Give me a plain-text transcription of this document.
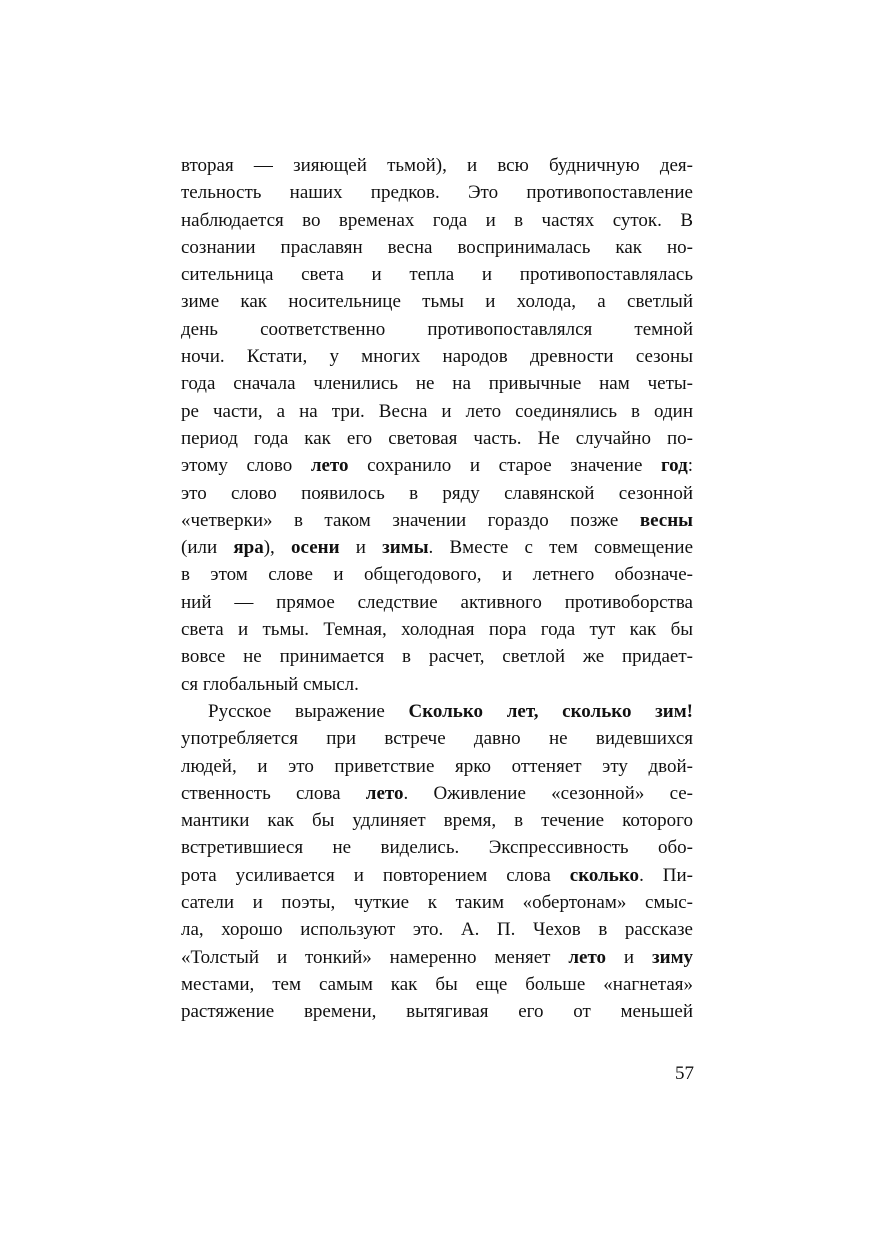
вторая — зияющей тьмой), и всю будничную дея-
тельность наших предков. Это противопоставление
наблюдается во временах года и в частях суток. В
сознании праславян весна воспринималась как но-
сительница света и тепла и противопоставлялась
зиме как носительнице тьмы и холода, а светлый
день соответственно противопоставлялся темной
ночи. Кстати, у многих народов древности сезоны
года сначала членились не на привычные нам четы-
ре части, а на три. Весна и лето соединялись в один
период года как его световая часть. Не случайно по-
этому слово лето сохранило и старое значение год:
это слово появилось в ряду славянской сезонной
«четверки» в таком значении гораздо позже весны
(или яра), осени и зимы. Вместе с тем совмещение
в этом слове и общегодового, и летнего обозначе-
ний — прямое следствие активного противоборства
света и тьмы. Темная, холодная пора года тут как бы
вовсе не принимается в расчет, светлой же придает-
ся глобальный смысл.
Русское выражение Сколько лет, сколько зим!
употребляется при встрече давно не видевшихся
людей, и это приветствие ярко оттеняет эту двой-
ственность слова лето. Оживление «сезонной» се-
мантики как бы удлиняет время, в течение которого
встретившиеся не виделись. Экспрессивность обо-
рота усиливается и повторением слова сколько. Пи-
сатели и поэты, чуткие к таким «обертонам» смыс-
ла, хорошо используют это. А. П. Чехов в рассказе
«Толстый и тонкий» намеренно меняет лето и зиму
местами, тем самым как бы еще больше «нагнетая»
растяжение времени, вытягивая его от меньшей
57
